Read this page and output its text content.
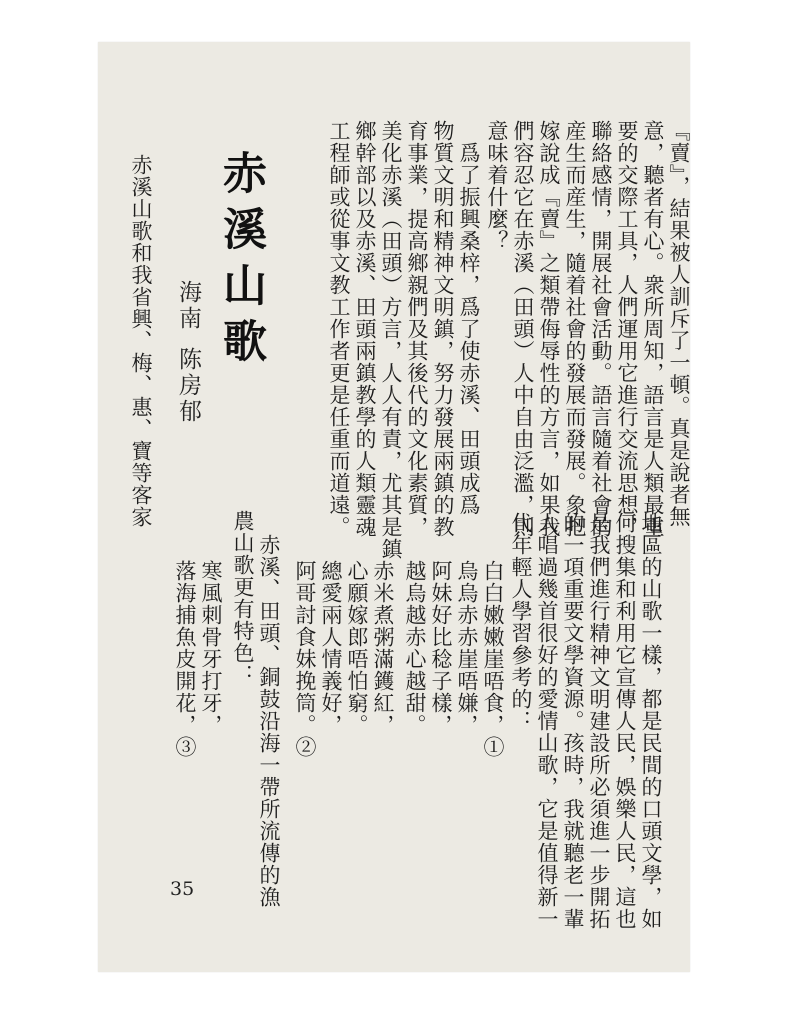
『賣』，結果被人訓斥了一頓。真是說者無
意，聽者有心。衆所周知，語言是人類最重
要的交際工具，人們運用它進行交流思想，
聯絡感情，開展社會活動。語言隨着社會的
産生而産生，隨着社會的發展而發展。象把
嫁說成『賣』之類帶侮辱性的方言，如果我
們容忍它在赤溪（田頭）人中自由泛濫，則
意味着什麼？
　爲了振興桑梓，爲了使赤溪、田頭成爲
物質文明和精神文明鎮，努力發展兩鎮的教
育事業，提高鄉親們及其後代的文化素質，
美化赤溪（田頭）方言，人人有責，尤其是鎮
鄉幹部以及赤溪、田頭兩鎮教學的人類靈魂
工程師或從事文教工作者更是任重而道遠。
赤溪山歌
海南
陈房郁
赤溪山歌和我省興、梅、惠、寶等客家
地區的山歌一樣，都是民間的口頭文學，如
何搜集和利用它宣傳人民，娛樂人民，這也
是我們進行精神文明建設所必須進一步開拓
的一項重要文學資源。孩時，我就聽老一輩
人唱過幾首很好的愛情山歌，它是值得新一
代年輕人學習參考的：
白白嫩嫩崖唔食，①
烏烏赤赤崖唔嫌，
阿妹好比稔子樣，
越烏越赤心越甜。
赤米煮粥滿鑊紅，
心願嫁郎唔怕窮。
總愛兩人情義好，
阿哥討食妹挽筒。②
赤溪、田頭、銅鼓沿海一帶所流傳的漁
農山歌更有特色：
寒風刺骨牙打牙，
落海捕魚皮開花，③
35
